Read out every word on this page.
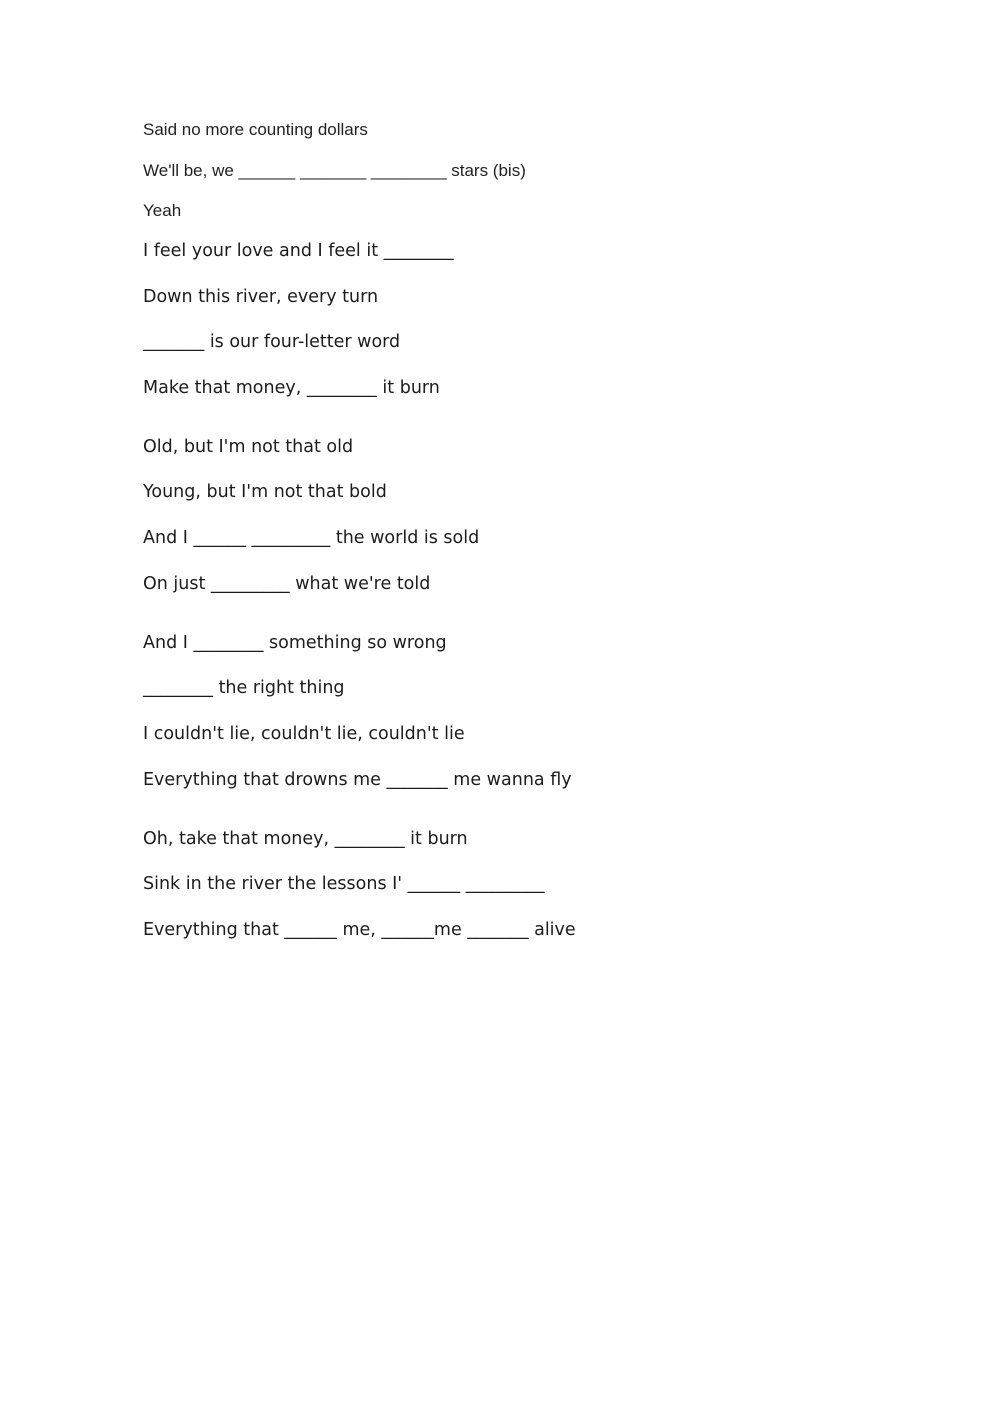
Said no more counting dollars
We'll be, we ______ _______ ________ stars (bis)
Yeah
I feel your love and I feel it ________
Down this river, every turn
_______ is our four-letter word
Make that money, ________ it burn
Old, but I'm not that old
Young, but I'm not that bold
And I ______ _________ the world is sold
On just _________ what we're told
And I ________ something so wrong
________ the right thing
I couldn't lie, couldn't lie, couldn't lie
Everything that drowns me _______ me wanna fly
Oh, take that money, ________ it burn
Sink in the river the lessons I' ______ _________
Everything that ______ me, ______me _______ alive
